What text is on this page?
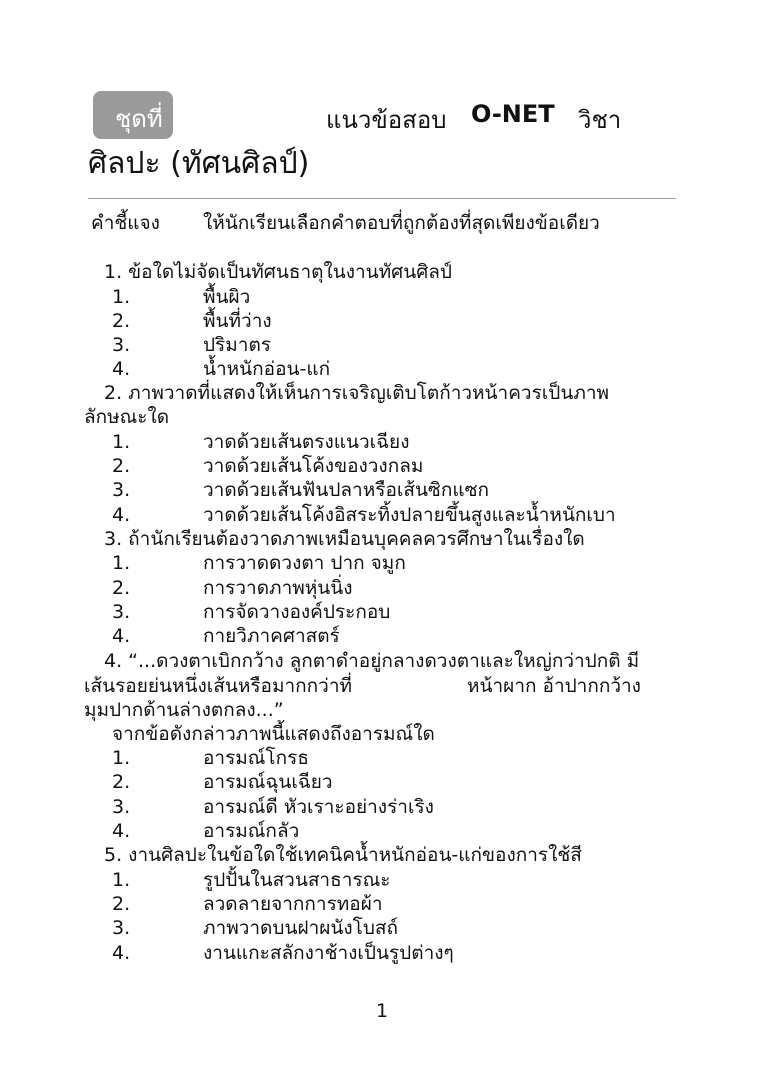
ชุดที่	แนวข้อสอบ O-NET วิชา
ศิลปะ (ทัศนศิลป์)
คำชี้แจง ให้นักเรียนเลือกคำตอบที่ถูกต้องที่สุดเพียงข้อเดียว
1. ข้อใดไม่จัดเป็นทัศนธาตุในงานทัศนศิลป์
1.	พื้นผิว
2.	พื้นที่ว่าง
3.	ปริมาตร
4.	น้ำหนักอ่อน-แก่
2. ภาพวาดที่แสดงให้เห็นการเจริญเติบโตก้าวหน้าควรเป็นภาพ
ลักษณะใด
1.	วาดด้วยเส้นตรงแนวเฉียง
2.	วาดด้วยเส้นโค้งของวงกลม
3.	วาดด้วยเส้นฟันปลาหรือเส้นซิกแซก
4.	วาดด้วยเส้นโค้งอิสระทิ้งปลายขึ้นสูงและน้ำหนักเบา
3. ถ้านักเรียนต้องวาดภาพเหมือนบุคคลควรศึกษาในเรื่องใด
1.	การวาดดวงตา ปาก จมูก
2.	การวาดภาพหุ่นนิ่ง
3.	การจัดวางองค์ประกอบ
4.	กายวิภาคศาสตร์
4. “...ดวงตาเบิกกว้าง ลูกตาดำอยู่กลางดวงตาและใหญ่กว่าปกติ มี
เส้นรอยย่นหนึ่งเส้นหรือมากกว่าที่	หน้าผาก อ้าปากกว้าง
มุมปากด้านล่างตกลง...”
จากข้อดังกล่าวภาพนี้แสดงถึงอารมณ์ใด
1.	อารมณ์โกรธ
2.	อารมณ์ฉุนเฉียว
3.	อารมณ์ดี หัวเราะอย่างร่าเริง
4.	อารมณ์กลัว
5. งานศิลปะในข้อใดใช้เทคนิคน้ำหนักอ่อน-แก่ของการใช้สี
1.	รูปปั้นในสวนสาธารณะ
2.	ลวดลายจากการทอผ้า
3.	ภาพวาดบนฝาผนังโบสถ์
4.	งานแกะสลักงาช้างเป็นรูปต่างๆ
1
